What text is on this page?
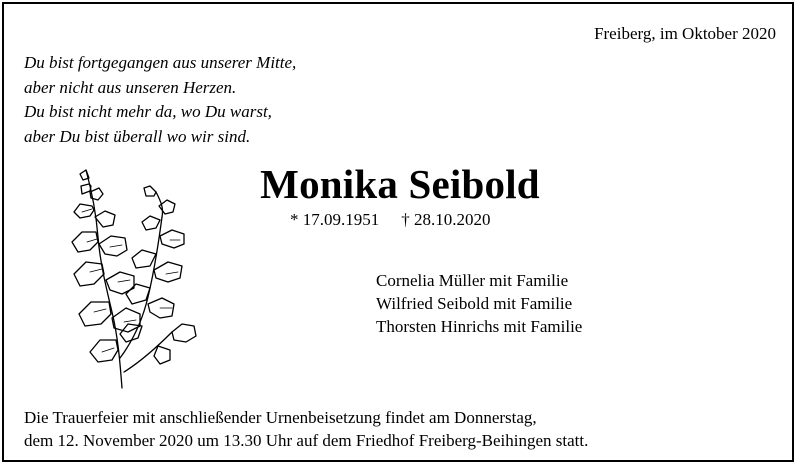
Freiberg, im Oktober 2020
Du bist fortgegangen aus unserer Mitte,
aber nicht aus unseren Herzen.
Du bist nicht mehr da, wo Du warst,
aber Du bist überall wo wir sind.
Monika Seibold
* 17.09.1951 † 28.10.2020
Cornelia Müller mit Familie
Wilfried Seibold mit Familie
Thorsten Hinrichs mit Familie
Die Trauerfeier mit anschließender Urnenbeisetzung findet am Donnerstag,
dem 12. November 2020 um 13.30 Uhr auf dem Friedhof Freiberg-Beihingen statt.
